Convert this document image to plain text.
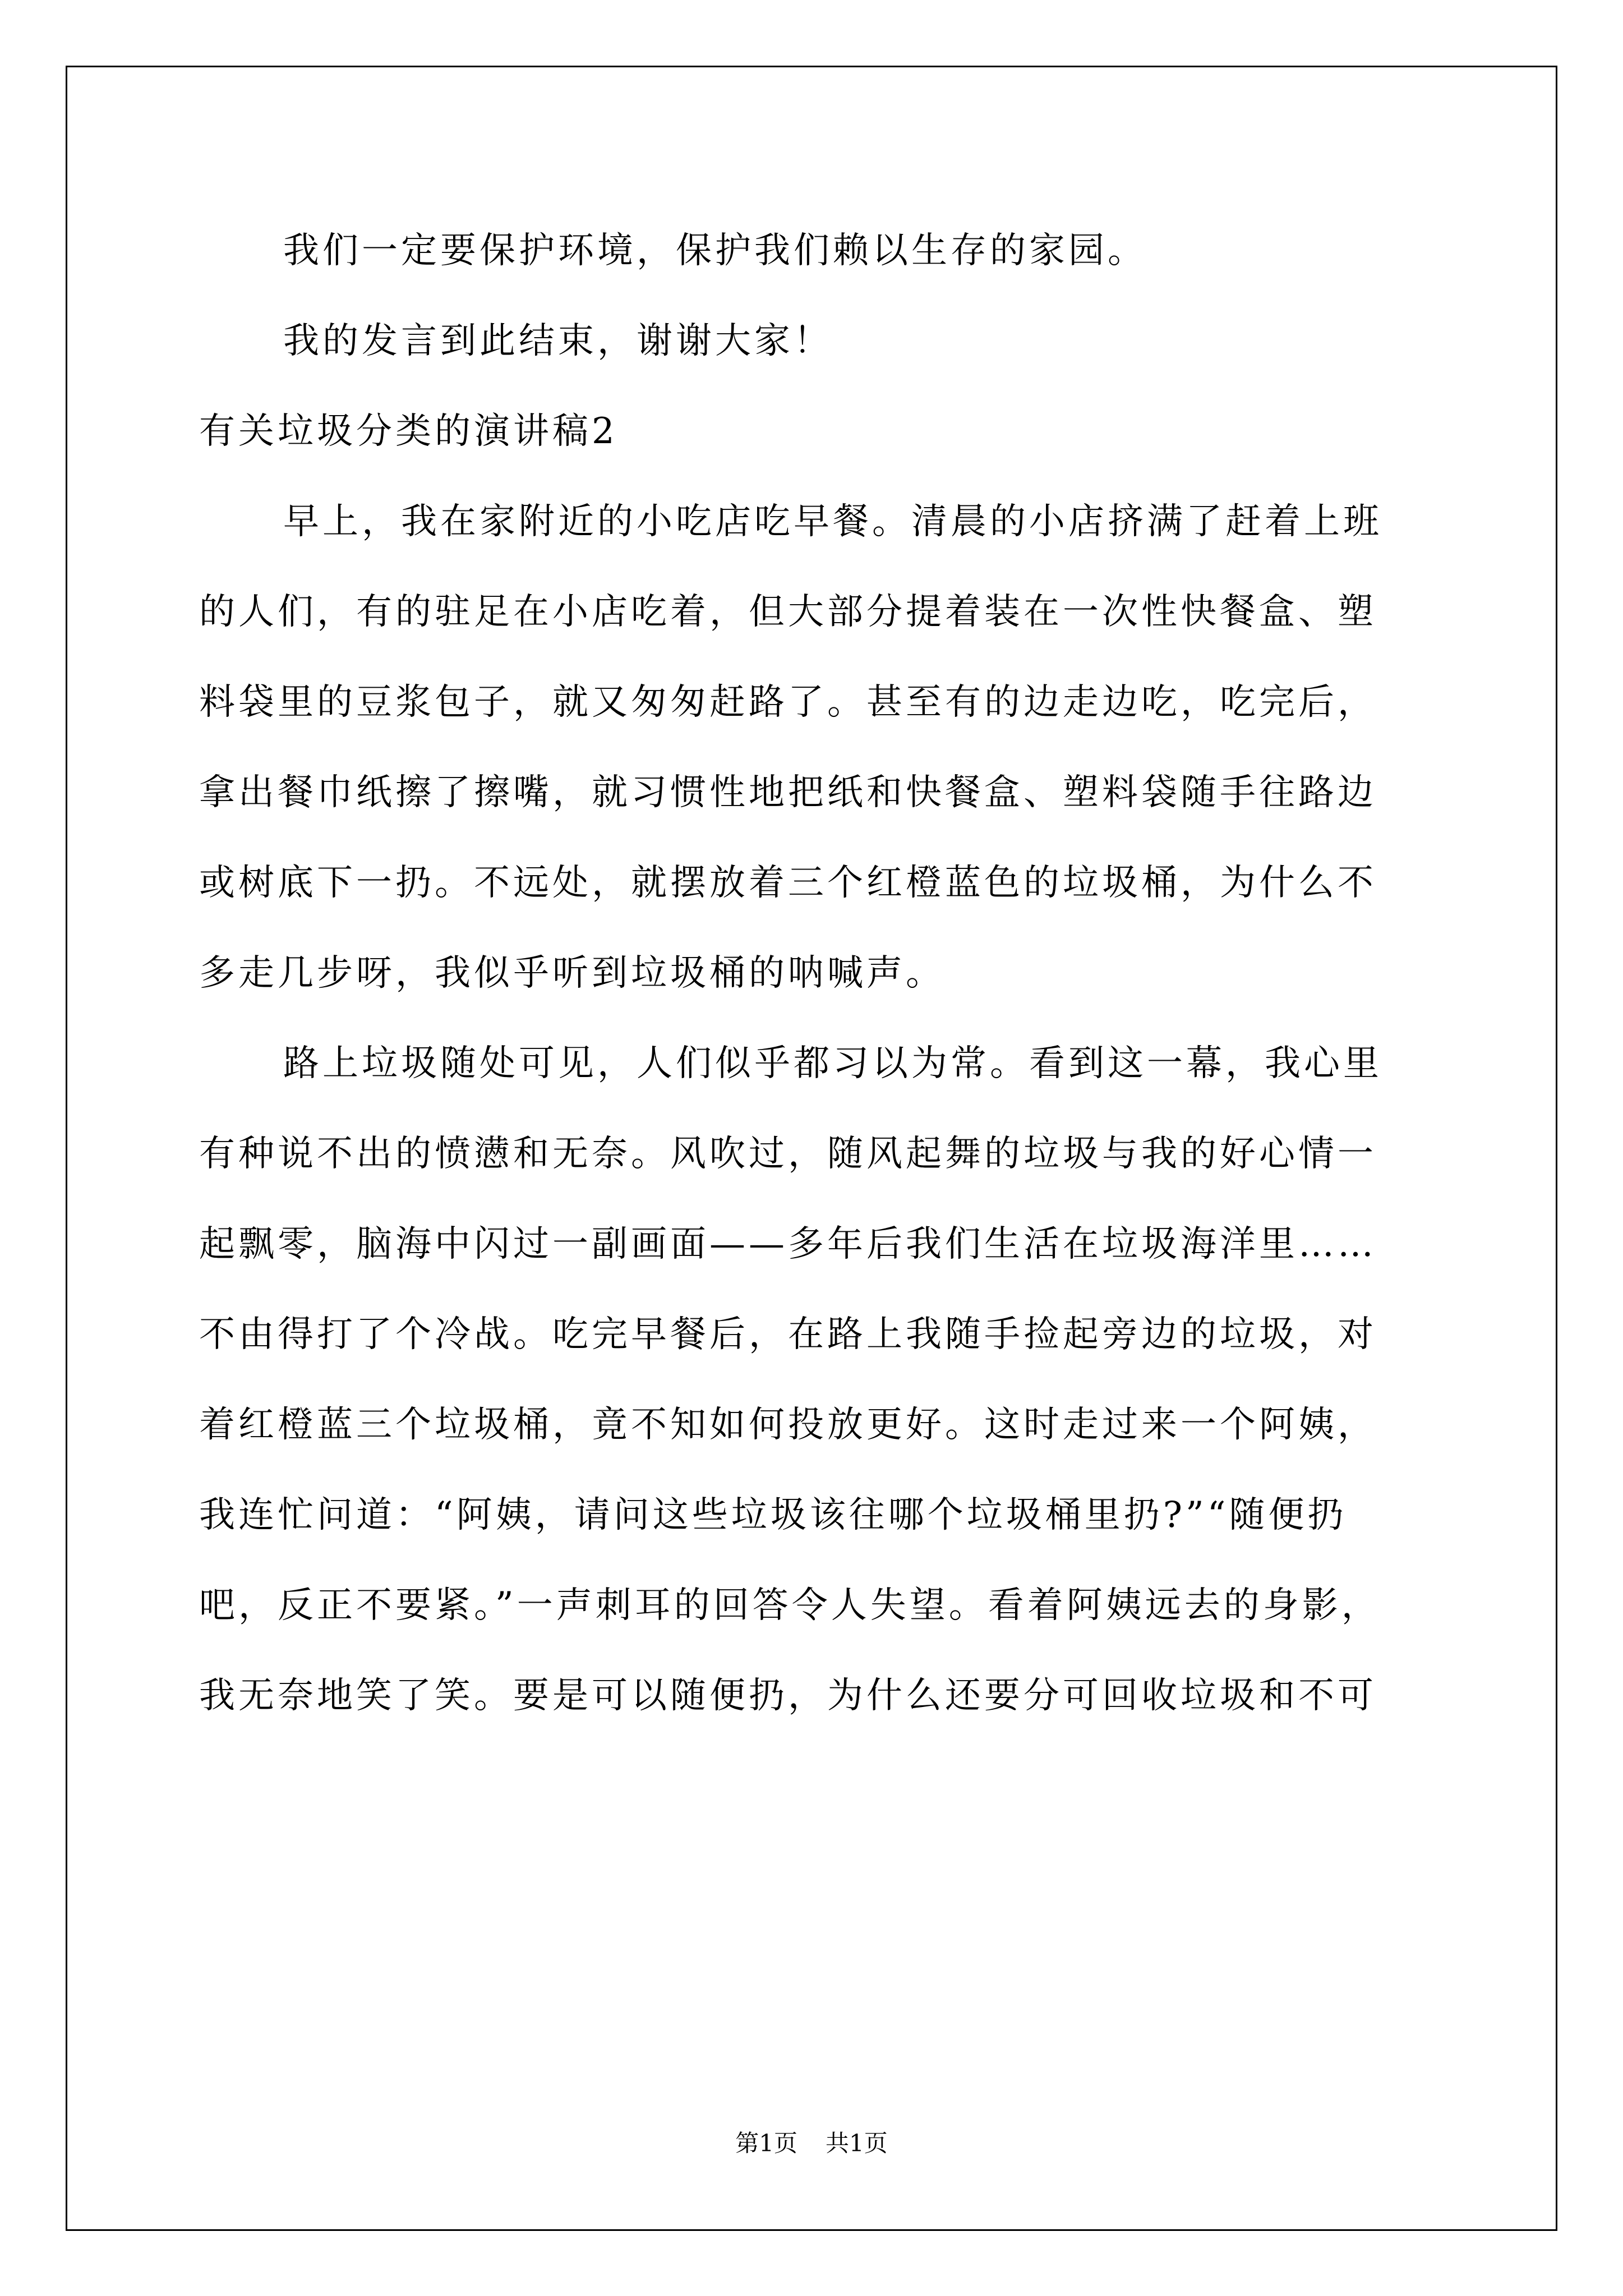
我们一定要保护环境，保护我们赖以生存的家园。
我的发言到此结束，谢谢大家！
有关垃圾分类的演讲稿2
早上，我在家附近的小吃店吃早餐。清晨的小店挤满了赶着上班
的人们，有的驻足在小店吃着，但大部分提着装在一次性快餐盒、塑
料袋里的豆浆包子，就又匆匆赶路了。甚至有的边走边吃，吃完后，
拿出餐巾纸擦了擦嘴，就习惯性地把纸和快餐盒、塑料袋随手往路边
或树底下一扔。不远处，就摆放着三个红橙蓝色的垃圾桶，为什么不
多走几步呀，我似乎听到垃圾桶的呐喊声。
路上垃圾随处可见，人们似乎都习以为常。看到这一幕，我心里
有种说不出的愤懑和无奈。风吹过，随风起舞的垃圾与我的好心情一
起飘零，脑海中闪过一副画面——多年后我们生活在垃圾海洋里……
不由得打了个冷战。吃完早餐后，在路上我随手捡起旁边的垃圾，对
着红橙蓝三个垃圾桶，竟不知如何投放更好。这时走过来一个阿姨，
我连忙问道：“阿姨，请问这些垃圾该往哪个垃圾桶里扔?”“随便扔
吧，反正不要紧。”一声刺耳的回答令人失望。看着阿姨远去的身影，
我无奈地笑了笑。要是可以随便扔，为什么还要分可回收垃圾和不可
第1页 共1页
